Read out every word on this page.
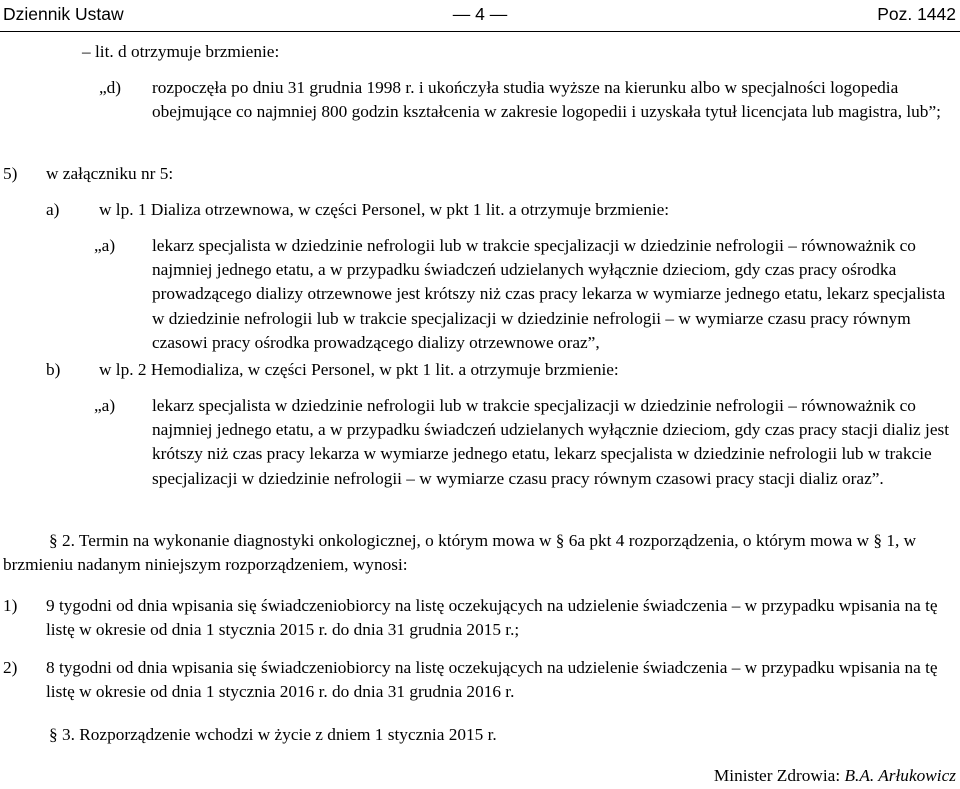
Dziennik Ustaw	— 4 —	Poz. 1442
– lit. d otrzymuje brzmienie:
„d) rozpoczęła po dniu 31 grudnia 1998 r. i ukończyła studia wyższe na kierunku albo w specjalności logopedia obejmujące co najmniej 800 godzin kształcenia w zakresie logopedii i uzyskała tytuł licencjata lub magistra, lub”;
5) w załączniku nr 5:
a) w lp. 1 Dializa otrzewnowa, w części Personel, w pkt 1 lit. a otrzymuje brzmienie:
„a) lekarz specjalista w dziedzinie nefrologii lub w trakcie specjalizacji w dziedzinie nefrologii – równoważnik co najmniej jednego etatu, a w przypadku świadczeń udzielanych wyłącznie dzieciom, gdy czas pracy ośrodka prowadzącego dializy otrzewnowe jest krótszy niż czas pracy lekarza w wymiarze jednego etatu, lekarz specjalista w dziedzinie nefrologii lub w trakcie specjalizacji w dziedzinie nefrologii – w wymiarze czasu pracy równym czasowi pracy ośrodka prowadzącego dializy otrzewnowe oraz”,
b) w lp. 2 Hemodializa, w części Personel, w pkt 1 lit. a otrzymuje brzmienie:
„a) lekarz specjalista w dziedzinie nefrologii lub w trakcie specjalizacji w dziedzinie nefrologii – równoważnik co najmniej jednego etatu, a w przypadku świadczeń udzielanych wyłącznie dzieciom, gdy czas pracy stacji dializ jest krótszy niż czas pracy lekarza w wymiarze jednego etatu, lekarz specjalista w dziedzinie nefrologii lub w trakcie specjalizacji w dziedzinie nefrologii – w wymiarze czasu pracy równym czasowi pracy stacji dializ oraz”.
§ 2. Termin na wykonanie diagnostyki onkologicznej, o którym mowa w § 6a pkt 4 rozporządzenia, o którym mowa w § 1, w brzmieniu nadanym niniejszym rozporządzeniem, wynosi:
1) 9 tygodni od dnia wpisania się świadczeniobiorcy na listę oczekujących na udzielenie świadczenia – w przypadku wpisania na tę listę w okresie od dnia 1 stycznia 2015 r. do dnia 31 grudnia 2015 r.;
2) 8 tygodni od dnia wpisania się świadczeniobiorcy na listę oczekujących na udzielenie świadczenia – w przypadku wpisania na tę listę w okresie od dnia 1 stycznia 2016 r. do dnia 31 grudnia 2016 r.
§ 3. Rozporządzenie wchodzi w życie z dniem 1 stycznia 2015 r.
Minister Zdrowia: B.A. Arłukowicz
